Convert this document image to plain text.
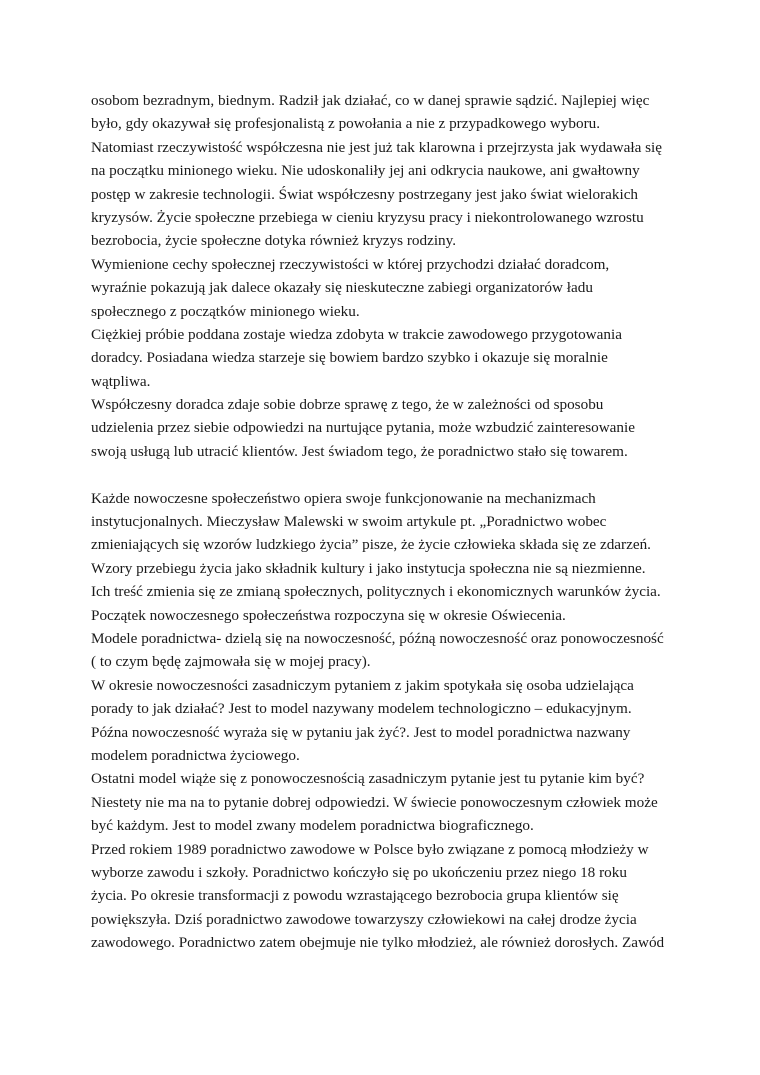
osobom bezradnym, biednym. Radził jak działać, co w danej sprawie sądzić. Najlepiej więc
było, gdy okazywał się profesjonalistą z powołania a nie z przypadkowego wyboru.
Natomiast rzeczywistość współczesna nie jest już tak klarowna i przejrzysta jak wydawała się
na początku minionego wieku. Nie udoskonaliły jej ani odkrycia naukowe, ani gwałtowny
postęp w zakresie technologii. Świat współczesny postrzegany jest jako świat wielorakich
kryzysów. Życie społeczne przebiega w cieniu kryzysu pracy i niekontrolowanego wzrostu
bezrobocia, życie społeczne dotyka również kryzys rodziny.
Wymienione cechy społecznej rzeczywistości w której przychodzi działać doradcom,
wyraźnie pokazują jak dalece okazały się nieskuteczne zabiegi organizatorów ładu
społecznego z początków minionego wieku.
Ciężkiej próbie poddana zostaje wiedza zdobyta w trakcie zawodowego przygotowania
doradcy. Posiadana wiedza starzeje się bowiem bardzo szybko i okazuje się moralnie
wątpliwa.
Współczesny doradca zdaje sobie dobrze sprawę z tego, że w zależności od sposobu
udzielenia przez siebie odpowiedzi na nurtujące pytania, może wzbudzić zainteresowanie
swoją usługą lub utracić klientów. Jest świadom tego, że poradnictwo stało się towarem.
Każde nowoczesne społeczeństwo opiera swoje funkcjonowanie na mechanizmach
instytucjonalnych. Mieczysław Malewski w swoim artykule pt. „Poradnictwo wobec
zmieniających się wzorów ludzkiego życia” pisze, że życie człowieka składa się ze zdarzeń.
Wzory przebiegu życia jako składnik kultury i jako instytucja społeczna nie są niezmienne.
Ich treść zmienia się ze zmianą społecznych, politycznych i ekonomicznych warunków życia.
Początek nowoczesnego społeczeństwa rozpoczyna się w okresie Oświecenia.
Modele poradnictwa- dzielą się na nowoczesność, późną nowoczesność oraz ponowoczesność
( to czym będę zajmowała się w mojej pracy).
W okresie nowoczesności zasadniczym pytaniem z jakim spotykała się osoba udzielająca
porady to jak działać? Jest to model nazywany modelem technologiczno – edukacyjnym.
Późna nowoczesność wyraża się w pytaniu jak żyć?. Jest to model poradnictwa nazwany
modelem poradnictwa życiowego.
Ostatni model wiąże się z ponowoczesnością zasadniczym pytanie jest tu pytanie kim być?
Niestety nie ma na to pytanie dobrej odpowiedzi. W świecie ponowoczesnym człowiek może
być każdym. Jest to model zwany modelem poradnictwa biograficznego.
Przed rokiem 1989 poradnictwo zawodowe w Polsce było związane z pomocą młodzieży w
wyborze zawodu i szkoły. Poradnictwo kończyło się po ukończeniu przez niego 18 roku
życia. Po okresie transformacji z powodu wzrastającego bezrobocia grupa klientów się
powiększyła. Dziś poradnictwo zawodowe towarzyszy człowiekowi na całej drodze życia
zawodowego. Poradnictwo zatem obejmuje nie tylko młodzież, ale również dorosłych. Zawód
